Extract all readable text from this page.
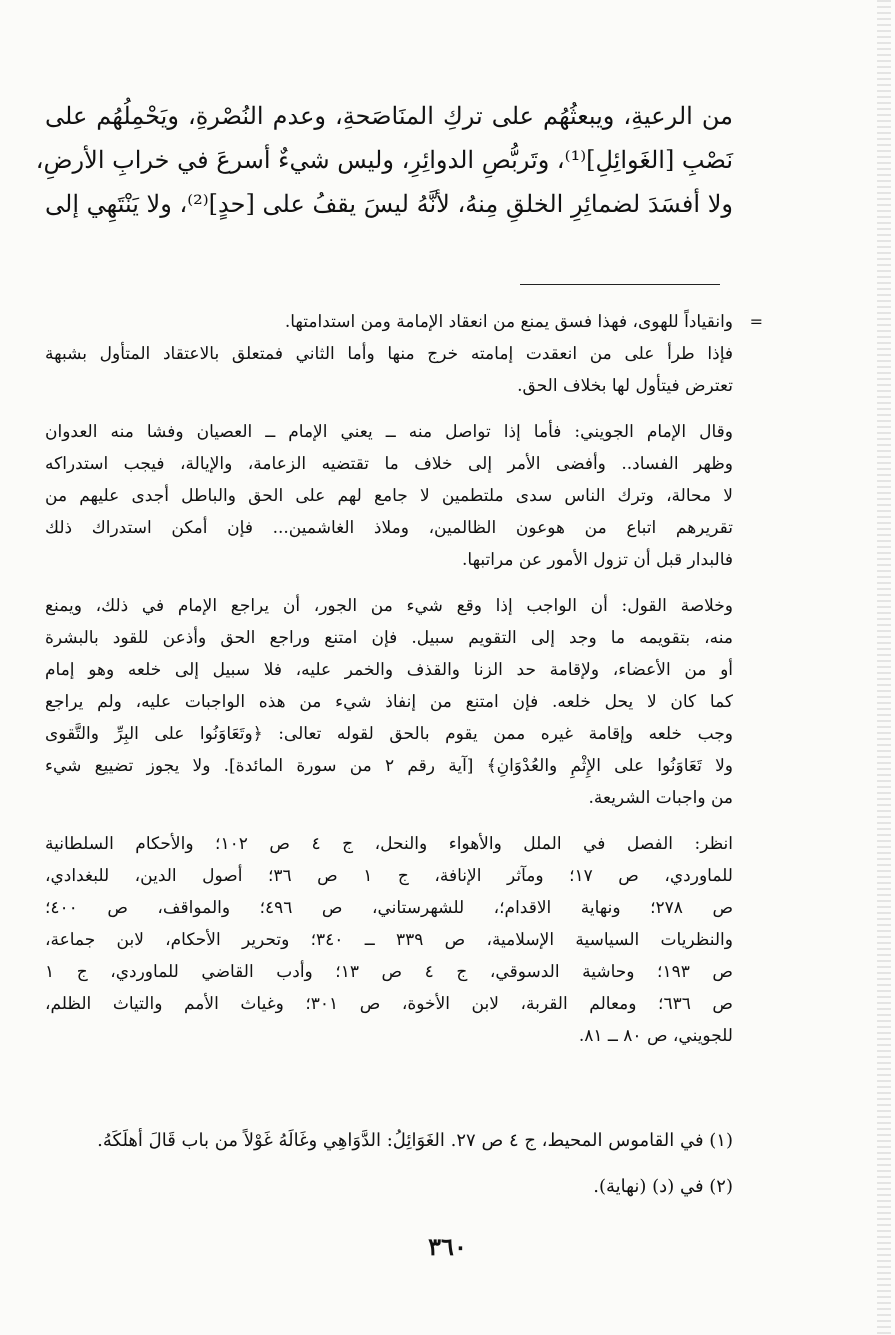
من الرعيةِ، ويبعثُهُم على تركِ المنَاصَحةِ، وعدم النُصْرةِ، ويَحْمِلُهُم على
نَصْبِ [الغَوائِلِ]⁽¹⁾، وتَربُّصِ الدوائِرِ، وليس شيءٌ أسرعَ في خرابِ الأرضِ،
ولا أفسَدَ لضمائِرِ الخلقِ مِنهُ، لأنَّهُ ليسَ يقفُ على [حدٍ]⁽²⁾، ولا يَنْتَهِي إلى
=
وانقياداً للهوى، فهذا فسق يمنع من انعقاد الإمامة ومن استدامتها.
فإذا طرأ على من انعقدت إمامته خرج منها وأما الثاني فمتعلق بالاعتقاد المتأول بشبهة
تعترض فيتأول لها بخلاف الحق.
وقال الإمام الجويني: فأما إذا تواصل منه ــ يعني الإمام ــ العصيان وفشا منه العدوان
وظهر الفساد.. وأفضى الأمر إلى خلاف ما تقتضيه الزعامة، والإيالة، فيجب استدراكه
لا محالة، وترك الناس سدى ملتطمين لا جامع لهم على الحق والباطل أجدى عليهم من
تقريرهم اتباع من هوعون الظالمين، وملاذ الغاشمين... فإن أمكن استدراك ذلك
فالبدار قبل أن تزول الأمور عن مراتبها.
وخلاصة القول: أن الواجب إذا وقع شيء من الجور، أن يراجع الإمام في ذلك، ويمنع
منه، بتقويمه ما وجد إلى التقويم سبيل. فإن امتنع وراجع الحق وأذعن للقود بالبشرة
أو من الأعضاء، ولإقامة حد الزنا والقذف والخمر عليه، فلا سبيل إلى خلعه وهو إمام
كما كان لا يحل خلعه. فإن امتنع من إنفاذ شيء من هذه الواجبات عليه، ولم يراجع
وجب خلعه وإقامة غيره ممن يقوم بالحق لقوله تعالى: ﴿وتَعَاوَنُوا على البِرِّ والتَّقوى
ولا تَعَاوَنُوا على الإِثْمِ والعُدْوَانِ﴾ [آية رقم ٢ من سورة المائدة]. ولا يجوز تضييع شيء
من واجبات الشريعة.
انظر: الفصل في الملل والأهواء والنحل، ج ٤ ص ١٠٢؛ والأحكام السلطانية
للماوردي، ص ١٧؛ ومآثر الإنافة، ج ١ ص ٣٦؛ أصول الدين، للبغدادي،
ص ٢٧٨؛ ونهاية الاقدام؛، للشهرستاني، ص ٤٩٦؛ والمواقف، ص ٤٠٠؛
والنظريات السياسية الإسلامية، ص ٣٣٩ ــ ٣٤٠؛ وتحرير الأحكام، لابن جماعة،
ص ١٩٣؛ وحاشية الدسوقي، ج ٤ ص ١٣؛ وأدب القاضي للماوردي، ج ١
ص ٦٣٦؛ ومعالم القربة، لابن الأخوة، ص ٣٠١؛ وغياث الأمم والتياث الظلم،
للجويني، ص ٨٠ ــ ٨١.
(١) في القاموس المحيط، ج ٤ ص ٢٧. الغَوَائِلُ: الدَّوَاهِي وغَالَهُ غَوْلاً من باب قَالَ أهلَكَهُ.
(٢) في (د) (نهاية).
٣٦٠
